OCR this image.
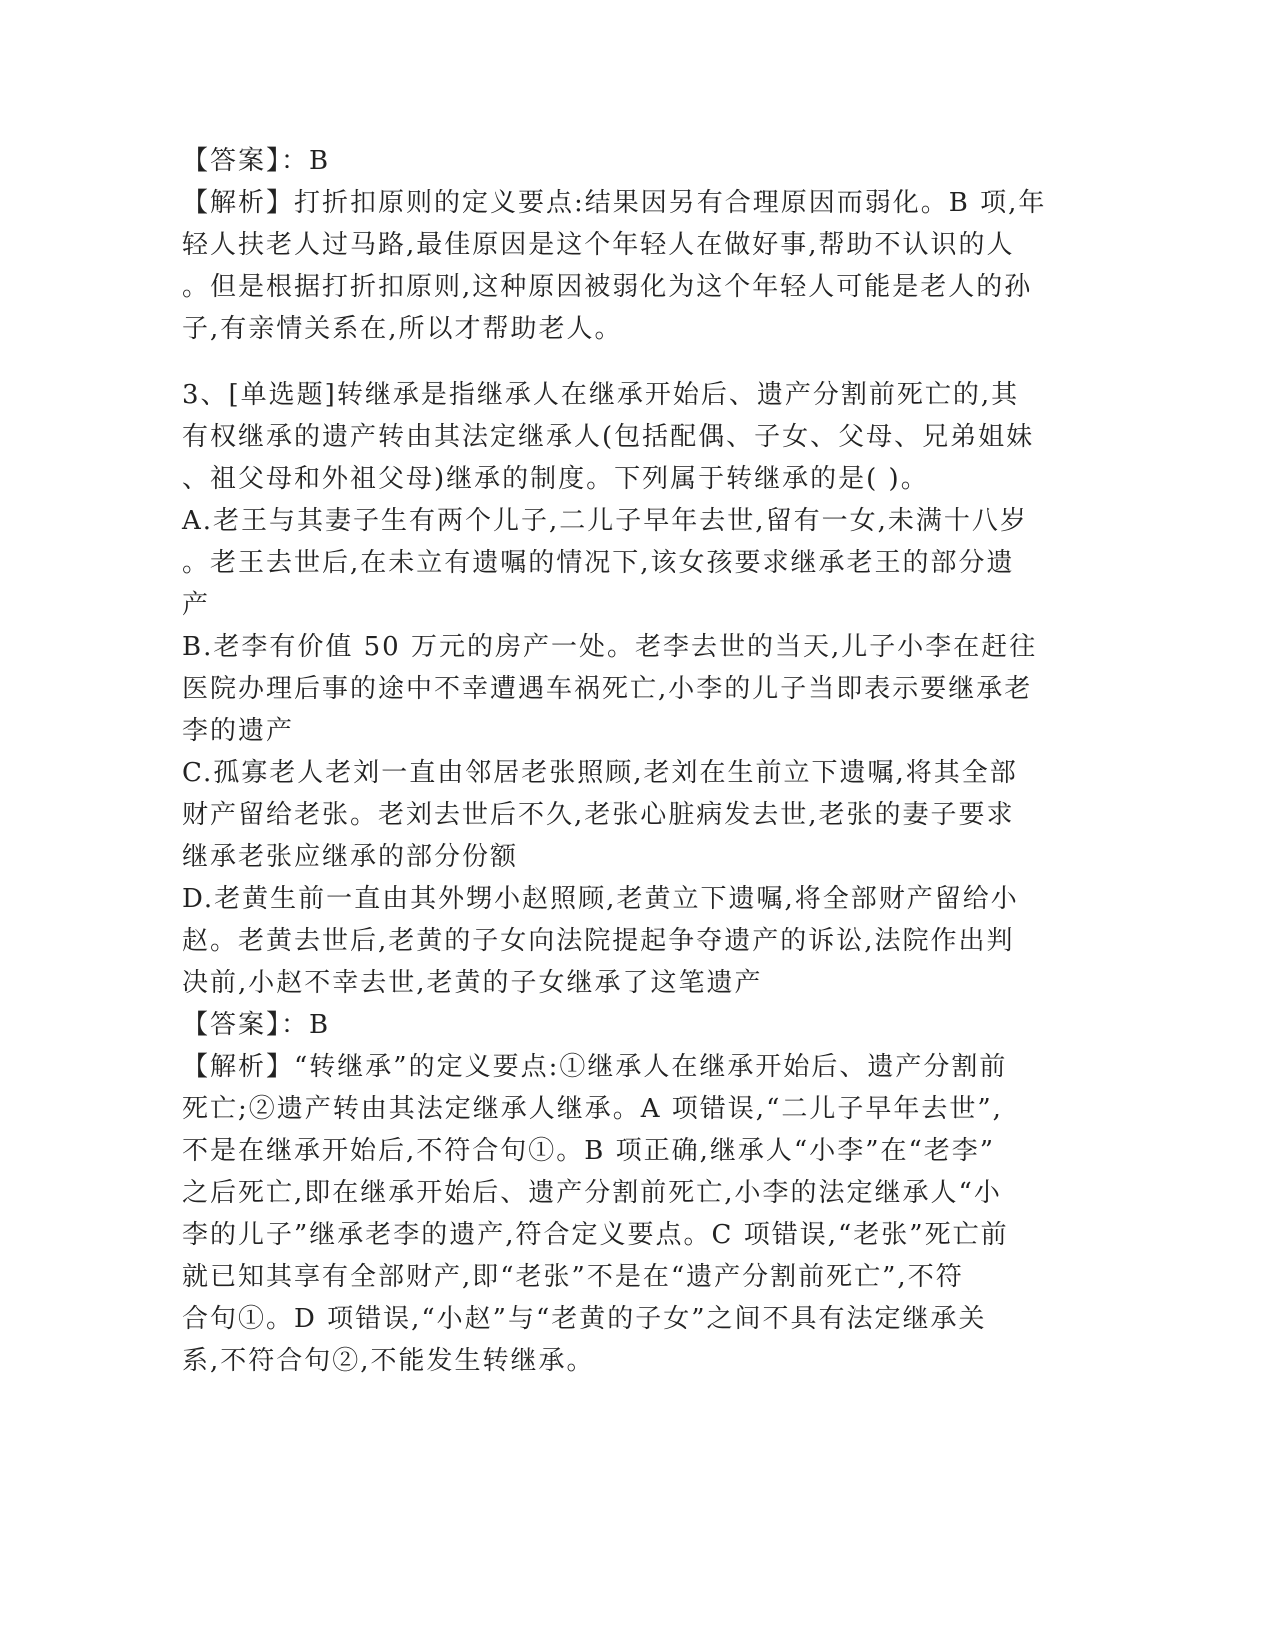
【答案】：B
【解析】打折扣原则的定义要点:结果因另有合理原因而弱化。B 项,年
轻人扶老人过马路,最佳原因是这个年轻人在做好事,帮助不认识的人
。但是根据打折扣原则,这种原因被弱化为这个年轻人可能是老人的孙
子,有亲情关系在,所以才帮助老人。
3、[单选题]转继承是指继承人在继承开始后、遗产分割前死亡的,其
有权继承的遗产转由其法定继承人(包括配偶、子女、父母、兄弟姐妹
、祖父母和外祖父母)继承的制度。下列属于转继承的是( )。
A.老王与其妻子生有两个儿子,二儿子早年去世,留有一女,未满十八岁
。老王去世后,在未立有遗嘱的情况下,该女孩要求继承老王的部分遗
产
B.老李有价值 50 万元的房产一处。老李去世的当天,儿子小李在赶往
医院办理后事的途中不幸遭遇车祸死亡,小李的儿子当即表示要继承老
李的遗产
C.孤寡老人老刘一直由邻居老张照顾,老刘在生前立下遗嘱,将其全部
财产留给老张。老刘去世后不久,老张心脏病发去世,老张的妻子要求
继承老张应继承的部分份额
D.老黄生前一直由其外甥小赵照顾,老黄立下遗嘱,将全部财产留给小
赵。老黄去世后,老黄的子女向法院提起争夺遗产的诉讼,法院作出判
决前,小赵不幸去世,老黄的子女继承了这笔遗产
【答案】：B
【解析】“转继承”的定义要点:①继承人在继承开始后、遗产分割前
死亡;②遗产转由其法定继承人继承。A 项错误,“二儿子早年去世”,
不是在继承开始后,不符合句①。B 项正确,继承人“小李”在“老李”
之后死亡,即在继承开始后、遗产分割前死亡,小李的法定继承人“小
李的儿子”继承老李的遗产,符合定义要点。C 项错误,“老张”死亡前
就已知其享有全部财产,即“老张”不是在“遗产分割前死亡”,不符
合句①。D 项错误,“小赵”与“老黄的子女”之间不具有法定继承关
系,不符合句②,不能发生转继承。
